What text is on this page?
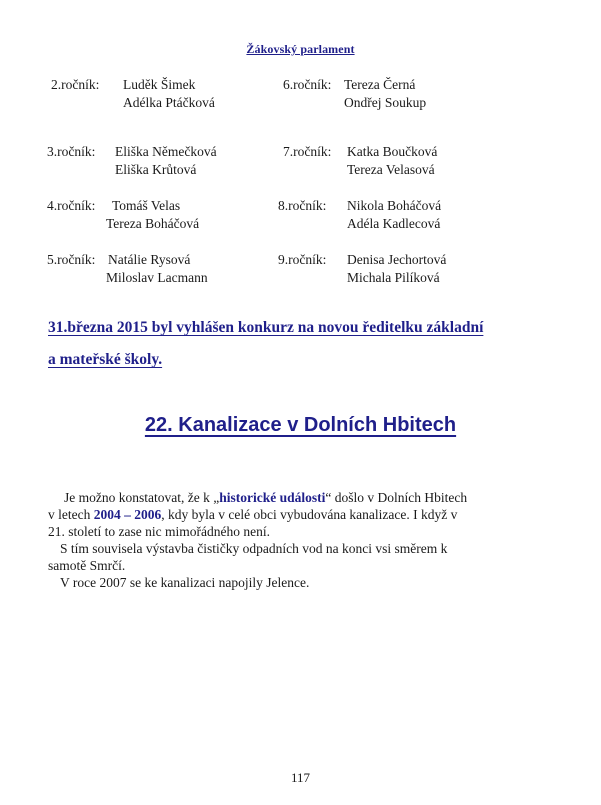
Žákovský parlament
2.ročník: Luděk Šimek
Adélka Ptáčková
6.ročník: Tereza Černá
Ondřej Soukup
3.ročník: Eliška Němečková
Eliška Krůtová
7.ročník: Katka Boučková
Tereza Velasová
4.ročník: Tomáš Velas
Tereza Boháčová
8.ročník: Nikola Boháčová
Adéla Kadlecová
5.ročník: Natálie Rysová
Miloslav Lacmann
9.ročník: Denisa Jechortová
Michala Pilíková
31.března 2015 byl vyhlášen konkurz na novou ředitelku základní
a mateřské školy.
22. Kanalizace v Dolních Hbitech
Je možno konstatovat, že k „historické události“ došlo v Dolních Hbitech
v letech 2004 – 2006, kdy byla v celé obci vybudována kanalizace. I když v
21. století to zase nic mimořádného není.
S tím souvisela výstavba čističky odpadních vod na konci vsi směrem k
samotě Smrčí.
V roce 2007 se ke kanalizaci napojily Jelence.
117
